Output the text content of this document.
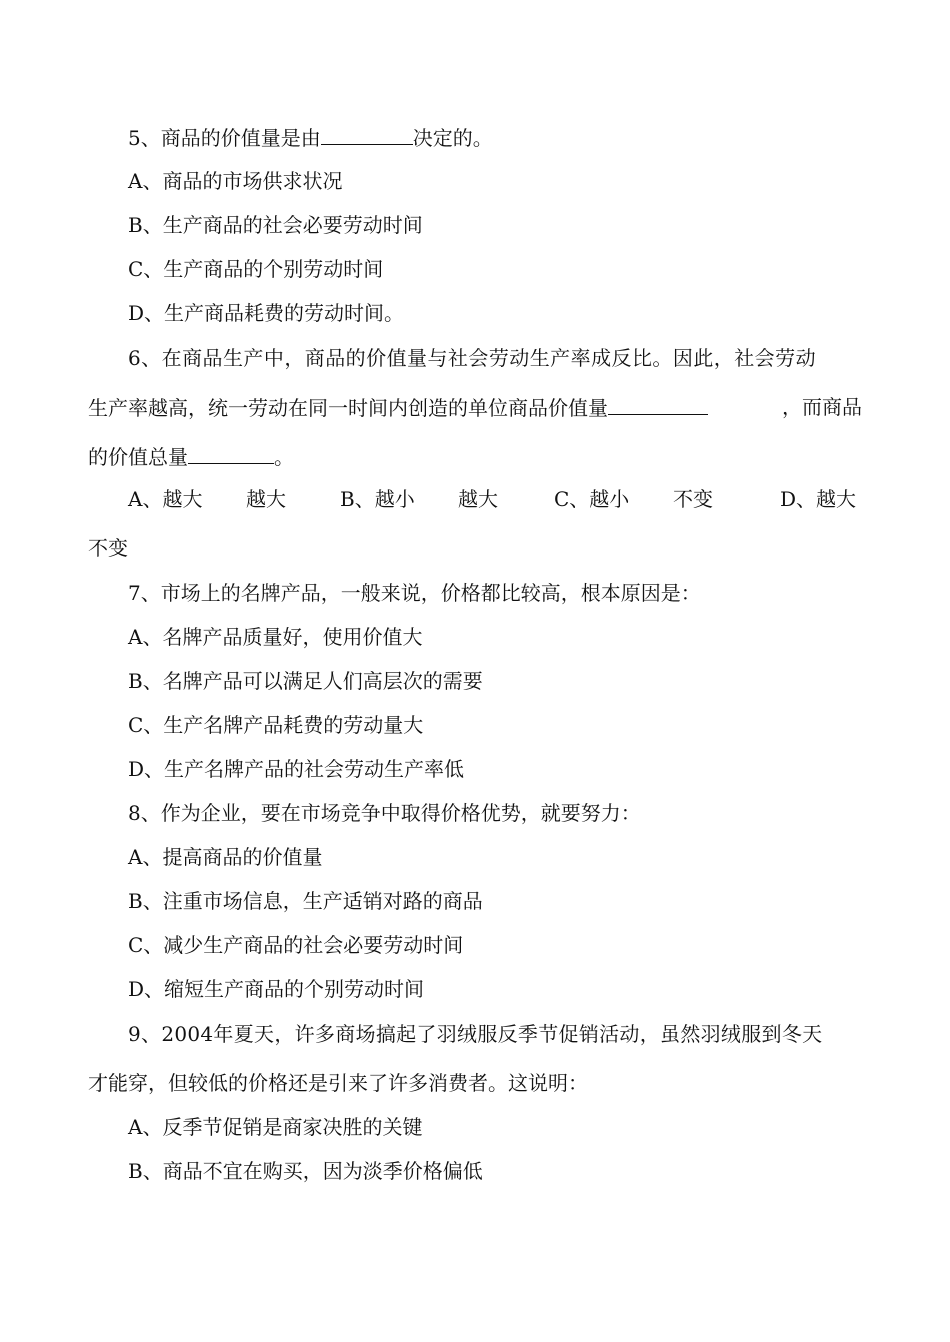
5、商品的价值量是由	决定的。
A、商品的市场供求状况
B、生产商品的社会必要劳动时间
C、生产商品的个别劳动时间
D、生产商品耗费的劳动时间。
6、在商品生产中，商品的价值量与社会劳动生产率成反比。因此，社会劳动
生产率越高，统一劳动在同一时间内创造的单位商品价值量	，而商品
的价值总量	。
A、越大 越大	B、越小 越大	C、越小 不变	D、越大
不变
7、市场上的名牌产品，一般来说，价格都比较高，根本原因是：
A、名牌产品质量好，使用价值大
B、名牌产品可以满足人们高层次的需要
C、生产名牌产品耗费的劳动量大
D、生产名牌产品的社会劳动生产率低
8、作为企业，要在市场竞争中取得价格优势，就要努力：
A、提高商品的价值量
B、注重市场信息，生产适销对路的商品
C、减少生产商品的社会必要劳动时间
D、缩短生产商品的个别劳动时间
9、2004年夏天，许多商场搞起了羽绒服反季节促销活动，虽然羽绒服到冬天
才能穿，但较低的价格还是引来了许多消费者。这说明：
A、反季节促销是商家决胜的关键
B、商品不宜在购买，因为淡季价格偏低
